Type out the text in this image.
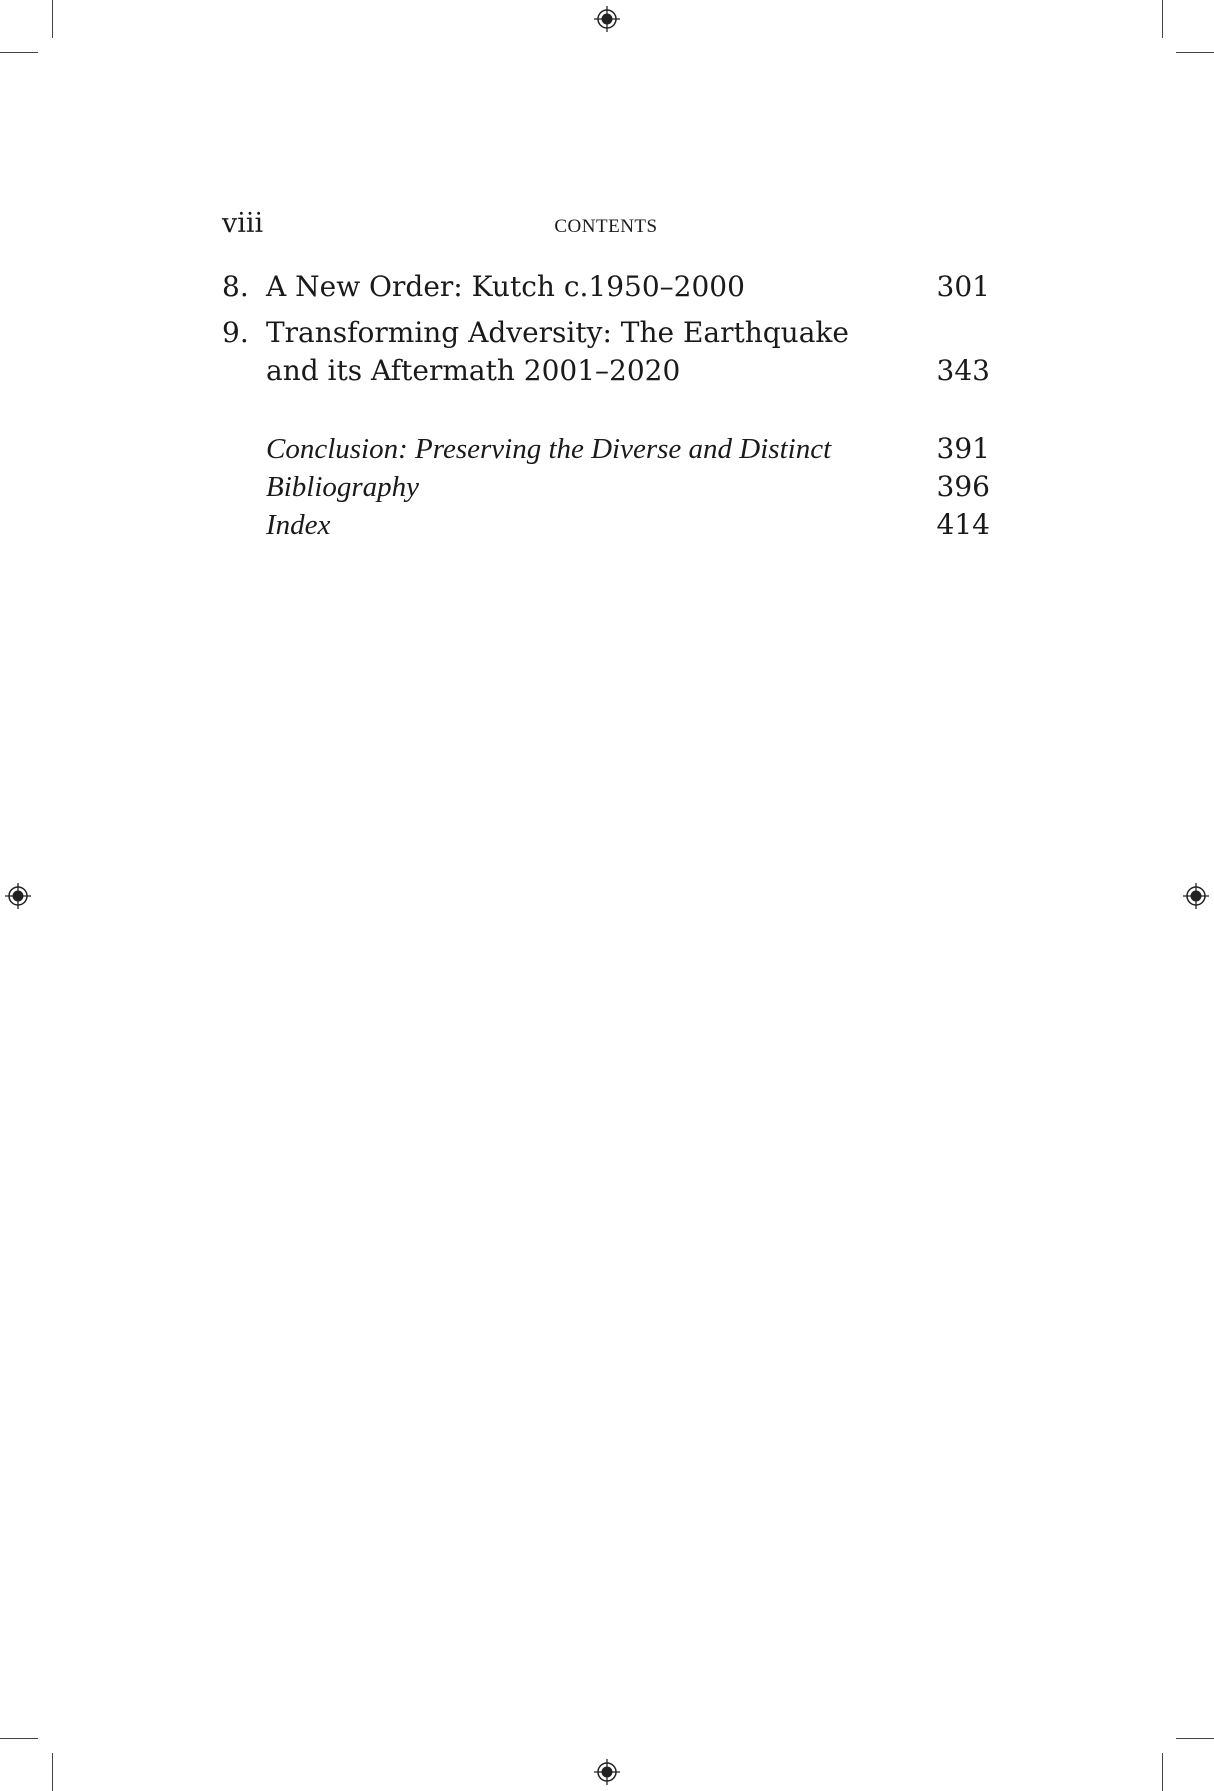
viii	CONTENTS
8. A New Order: Kutch c.1950–2000	301
9. Transforming Adversity: The Earthquake and its Aftermath 2001–2020	343
Conclusion: Preserving the Diverse and Distinct	391
Bibliography	396
Index	414
